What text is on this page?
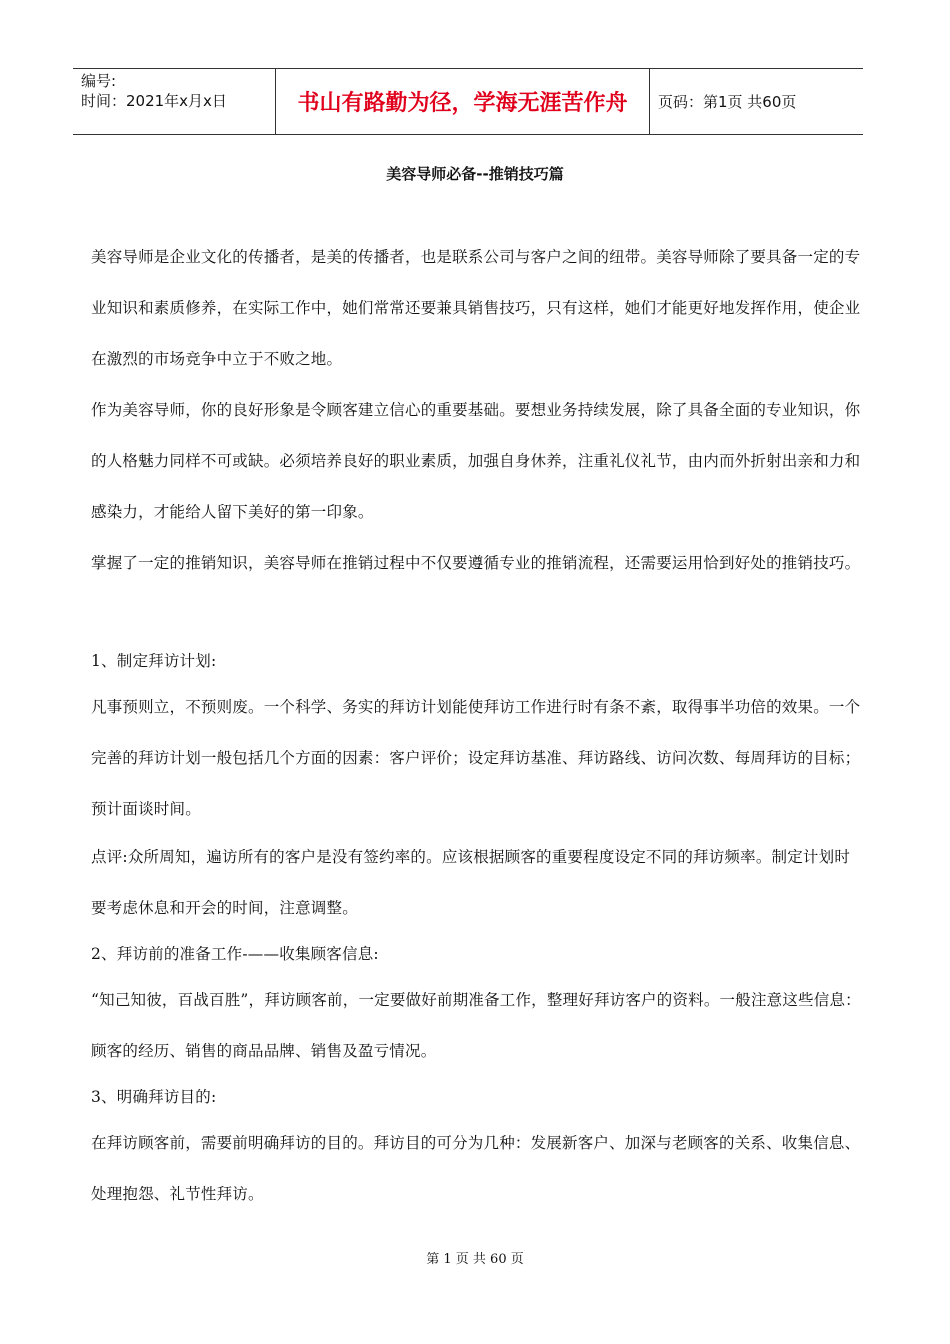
编号:
时间：2021年x月x日	书山有路勤为径，学海无涯苦作舟	页码：第1页 共60页
美容导师必备--推销技巧篇
美容导师是企业文化的传播者，是美的传播者，也是联系公司与客户之间的纽带。美容导师除了要具备一定的专业知识和素质修养，在实际工作中，她们常常还要兼具销售技巧，只有这样，她们才能更好地发挥作用，使企业在激烈的市场竞争中立于不败之地。
作为美容导师，你的良好形象是令顾客建立信心的重要基础。要想业务持续发展，除了具备全面的专业知识，你的人格魅力同样不可或缺。必须培养良好的职业素质，加强自身休养，注重礼仪礼节，由内而外折射出亲和力和感染力，才能给人留下美好的第一印象。
掌握了一定的推销知识，美容导师在推销过程中不仅要遵循专业的推销流程，还需要运用恰到好处的推销技巧。
1、制定拜访计划:
凡事预则立，不预则废。一个科学、务实的拜访计划能使拜访工作进行时有条不紊，取得事半功倍的效果。一个完善的拜访计划一般包括几个方面的因素：客户评价；设定拜访基准、拜访路线、访问次数、每周拜访的目标；预计面谈时间。
点评:众所周知，遍访所有的客户是没有签约率的。应该根据顾客的重要程度设定不同的拜访频率。制定计划时要考虑休息和开会的时间，注意调整。
2、拜访前的准备工作-——收集顾客信息:
“知己知彼，百战百胜”，拜访顾客前，一定要做好前期准备工作，整理好拜访客户的资料。一般注意这些信息：顾客的经历、销售的商品品牌、销售及盈亏情况。
3、明确拜访目的:
在拜访顾客前，需要前明确拜访的目的。拜访目的可分为几种：发展新客户、加深与老顾客的关系、收集信息、处理抱怨、礼节性拜访。
第 1 页 共 60 页
